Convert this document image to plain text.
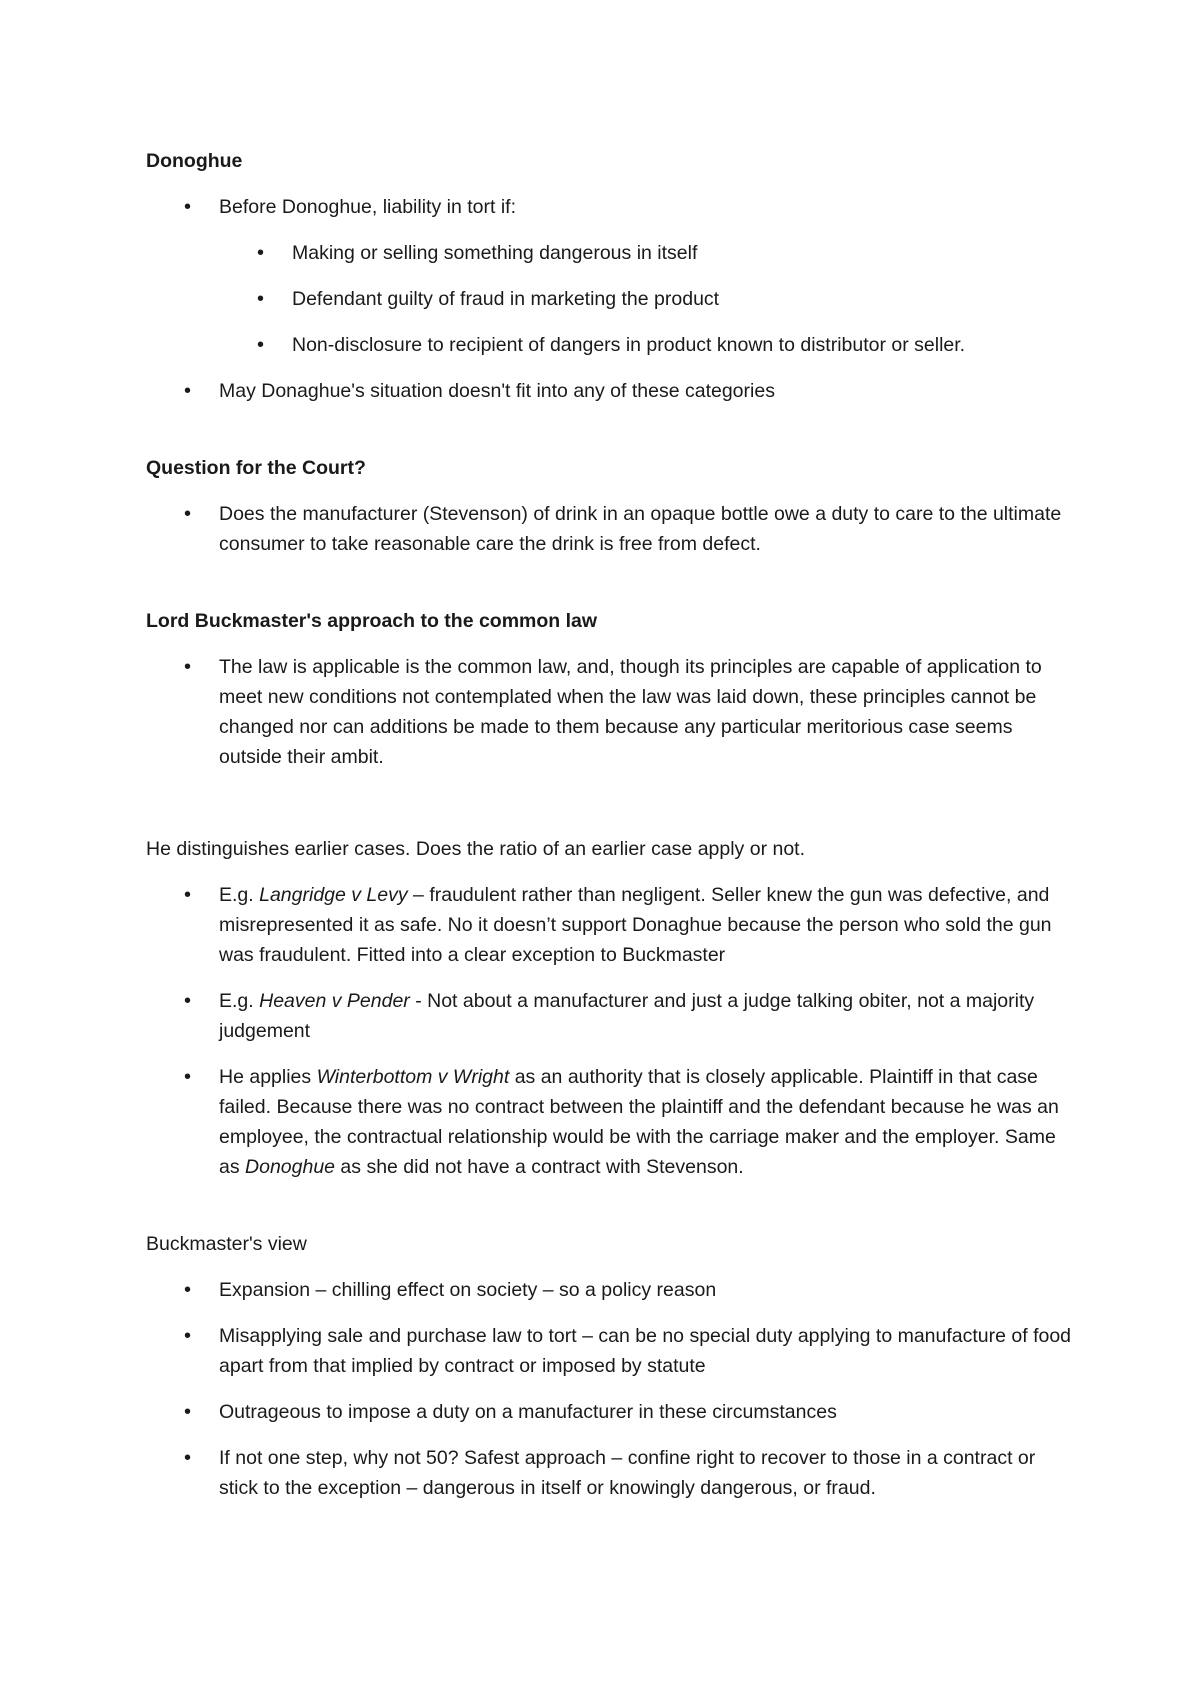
Donoghue

• Before Donoghue, liability in tort if:
• Making or selling something dangerous in itself
• Defendant guilty of fraud in marketing the product
• Non-disclosure to recipient of dangers in product known to distributor or seller.
• May Donaghue's situation doesn't fit into any of these categories

Question for the Court?

• Does the manufacturer (Stevenson) of drink in an opaque bottle owe a duty to care to the ultimate consumer to take reasonable care the drink is free from defect.

Lord Buckmaster's approach to the common law

• The law is applicable is the common law, and, though its principles are capable of application to meet new conditions not contemplated when the law was laid down, these principles cannot be changed nor can additions be made to them because any particular meritorious case seems outside their ambit.

He distinguishes earlier cases. Does the ratio of an earlier case apply or not.

• E.g. Langridge v Levy – fraudulent rather than negligent. Seller knew the gun was defective, and misrepresented it as safe. No it doesn’t support Donaghue because the person who sold the gun was fraudulent. Fitted into a clear exception to Buckmaster
• E.g. Heaven v Pender - Not about a manufacturer and just a judge talking obiter, not a majority judgement
• He applies Winterbottom v Wright as an authority that is closely applicable. Plaintiff in that case failed. Because there was no contract between the plaintiff and the defendant because he was an employee, the contractual relationship would be with the carriage maker and the employer. Same as Donoghue as she did not have a contract with Stevenson.

Buckmaster's view

• Expansion – chilling effect on society – so a policy reason
• Misapplying sale and purchase law to tort – can be no special duty applying to manufacture of food apart from that implied by contract or imposed by statute
• Outrageous to impose a duty on a manufacturer in these circumstances
• If not one step, why not 50? Safest approach – confine right to recover to those in a contract or stick to the exception – dangerous in itself or knowingly dangerous, or fraud.
